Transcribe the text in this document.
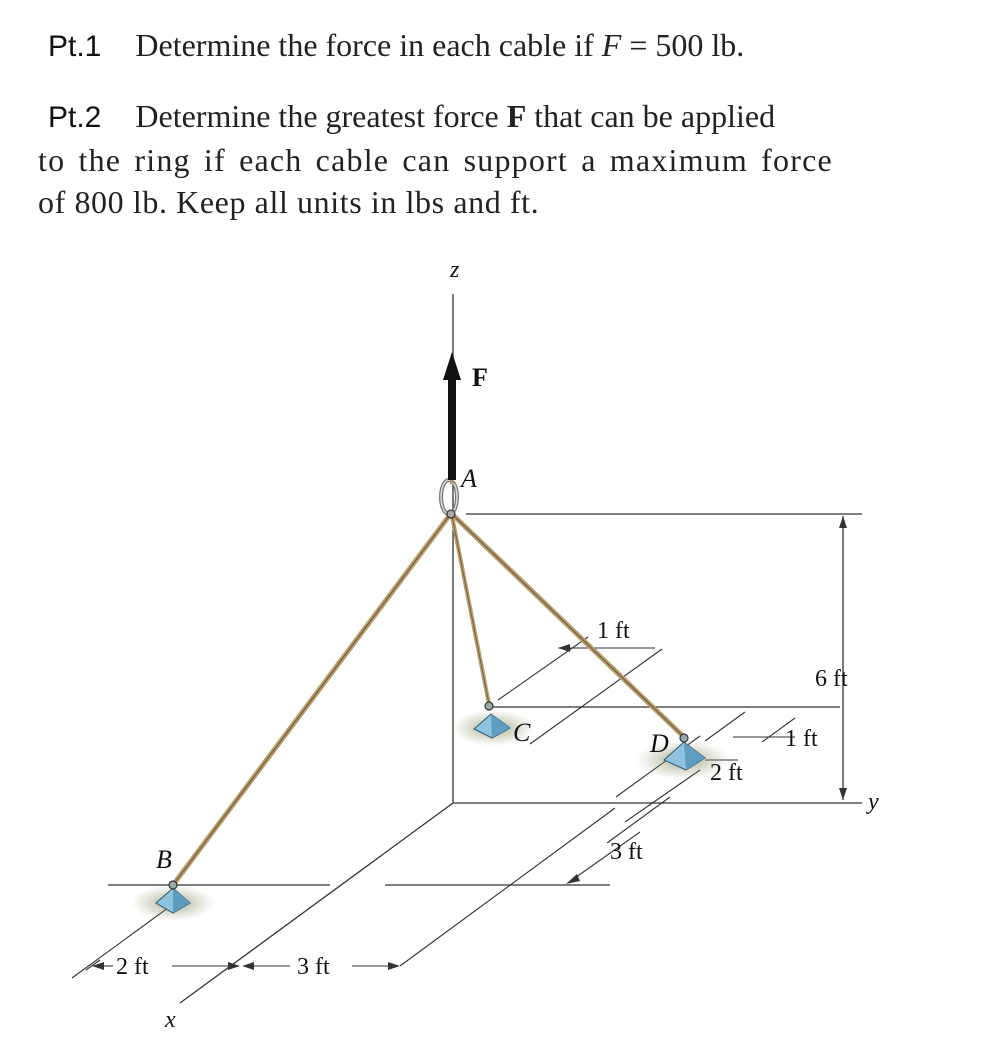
Pt.1 Determine the force in each cable if F = 500 lb.
Pt.2 Determine the greatest force F that can be applied
to the ring if each cable can support a maximum force
of 800 lb. Keep all units in lbs and ft.
z
F
A
B
C	D
y
x
1 ft
6 ft
1 ft
2 ft
3 ft
2 ft	3 ft
